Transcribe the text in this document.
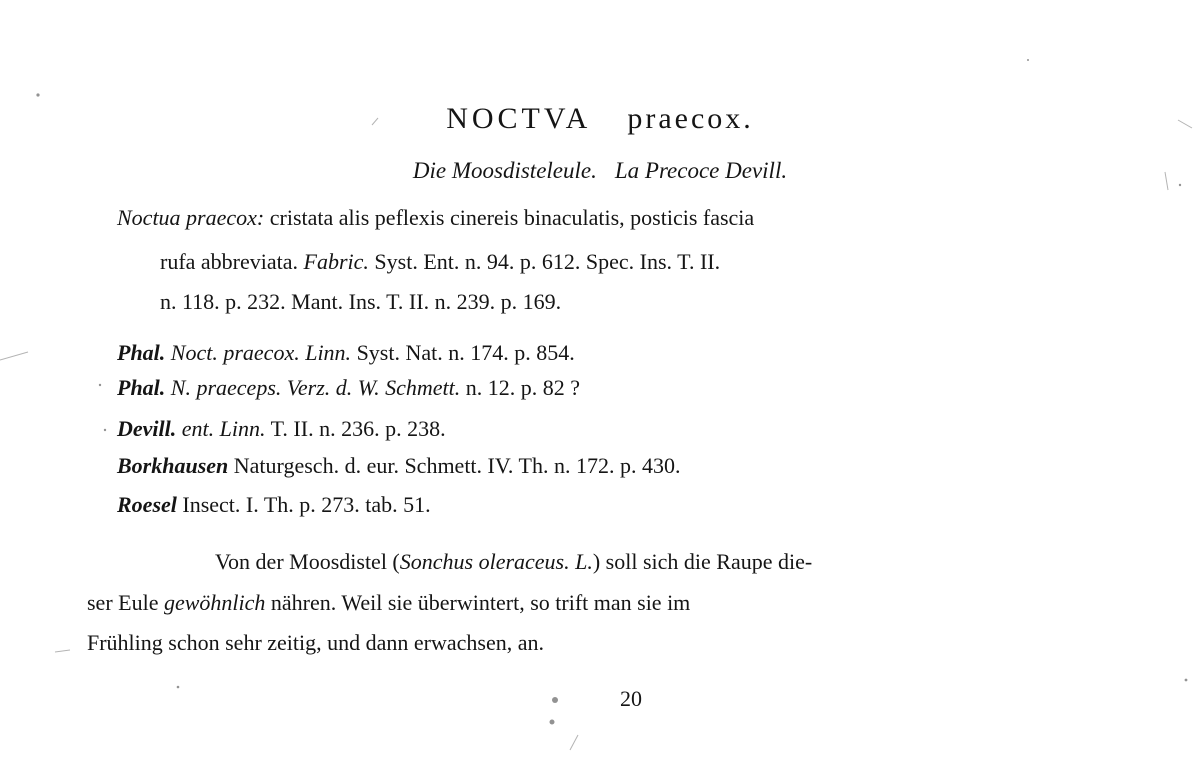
NOCTVA praecox.
Die Moosdisteleule. La Precoce Devill.
Noctua praecox: cristata alis peflexis cinereis binaculatis, posticis fascia
rufa abbreviata. Fabric. Syst. Ent. n. 94. p. 612. Spec. Ins. T. II.
n. 118. p. 232. Mant. Ins. T. II. n. 239. p. 169.
Phal. Noct. praecox. Linn. Syst. Nat. n. 174. p. 854.
Phal. N. praeceps. Verz. d. W. Schmett. n. 12. p. 82 ?
Devill. ent. Linn. T. II. n. 236. p. 238.
Borkhausen Naturgesch. d. eur. Schmett. IV. Th. n. 172. p. 430.
Roesel Insect. I. Th. p. 273. tab. 51.
Von der Moosdistel (Sonchus oleraceus. L.) soll sich die Raupe die-
ser Eule gewöhnlich nähren. Weil sie überwintert, so trift man sie im
Frühling schon sehr zeitig, und dann erwachsen, an.
20
